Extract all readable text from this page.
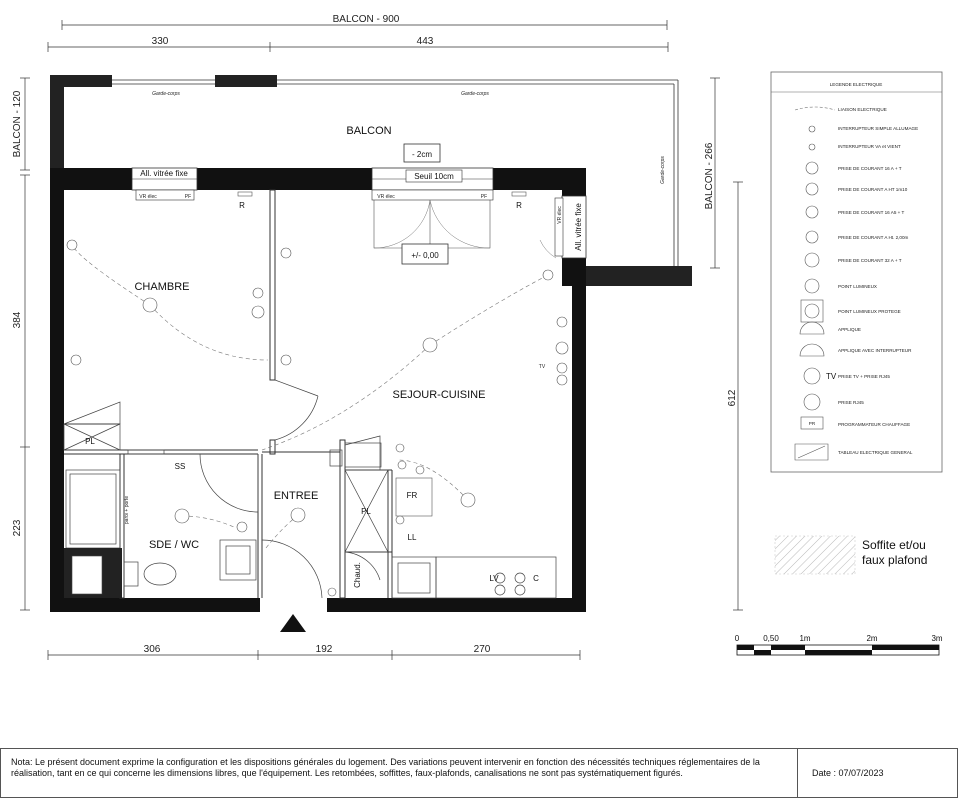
BALCON - 900
330	443
BALCON - 120
384
223
BALCON - 266
612
306	192	270
Garde-corps	Garde-corps
Garde-corps
BALCON
- 2cm
All. vitrée fixe
VR élec	PF
Seuil 10cm
VR élec	PF
+/- 0,00
All. vitrée fixe
VR élec
CHAMBRE
SEJOUR-CUISINE
ENTREE
SDE / WC
R	R
PL
PL
SS
paroi + porte
FR
LL
LV	C
Chaud.
TV
LEGENDE ELECTRIQUE
LIAISON ELECTRIQUE
INTERRUPTEUR SIMPLE ALLUMAGE
INTERRUPTEUR VA et VIENT
PRISE DE COURANT 16 A + T
PRISE DE COURANT A HT 1m10
PRISE DE COURANT 16 A5 + T
PRISE DE COURANT A Ht. 2,00m
PRISE DE COURANT 32 A + T
POINT LUMINEUX
POINT LUMINEUX PROTEGE
APPLIQUE
APPLIQUE AVEC INTERRUPTEUR
PRISE TV + PRISE RJ45
PRISE RJ45
PROGRAMMATEUR CHAUFFAGE
TABLEAU ELECTRIQUE GENERAL
TV
PR
0	0,50	1m	2m	3m
Soffite et/ou
faux plafond
Nota: Le présent document exprime la configuration et les dispositions générales du logement. Des variations peuvent intervenir en fonction des nécessités techniques réglementaires de la réalisation, tant en ce qui concerne les dimensions libres, que l'équipement. Les retombées, soffittes, faux-plafonds, canalisations ne sont pas systématiquement figurés.	Date : 07/07/2023
